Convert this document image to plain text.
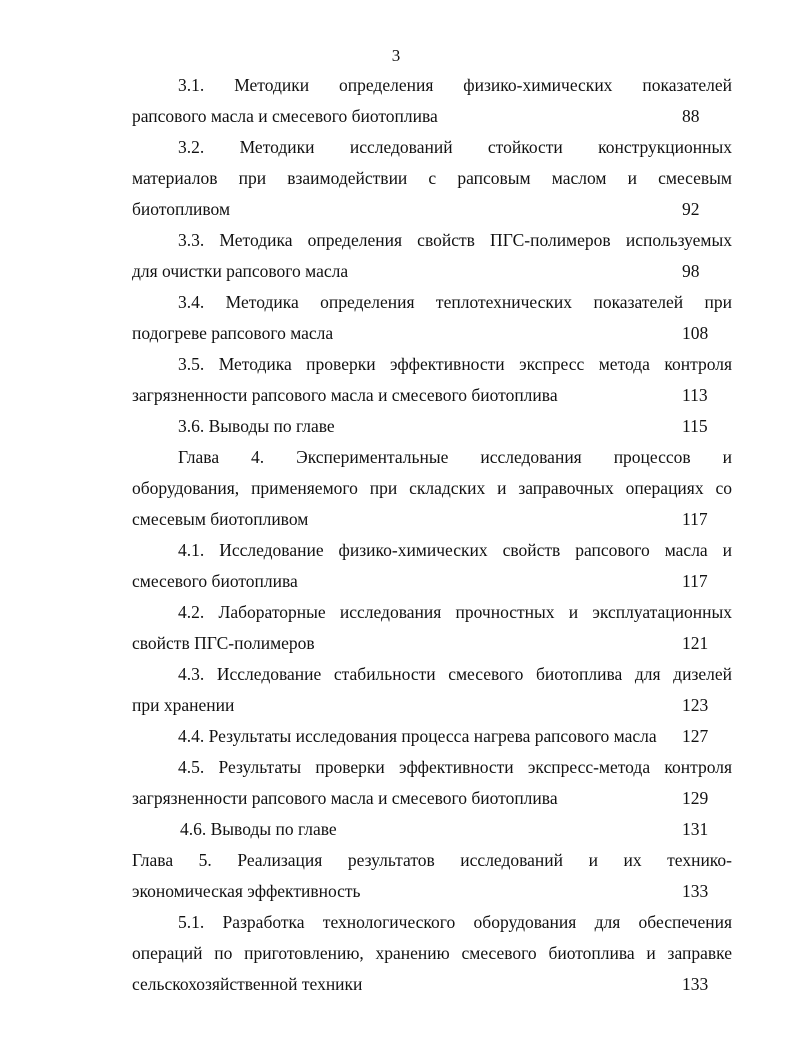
3
3.1. Методики определения физико-химических показателей
рапсового масла и смесевого биотоплива	88
3.2. Методики исследований стойкости конструкционных
материалов при взаимодействии с рапсовым маслом и смесевым
биотопливом	92
3.3. Методика определения свойств ПГС-полимеров используемых
для очистки рапсового масла	98
3.4. Методика определения теплотехнических показателей при
подогреве рапсового масла	108
3.5. Методика проверки эффективности экспресс метода контроля
загрязненности рапсового масла и смесевого биотоплива	113
3.6. Выводы по главе	115
Глава 4. Экспериментальные исследования процессов и
оборудования, применяемого при складских и заправочных операциях со
смесевым биотопливом	117
4.1. Исследование физико-химических свойств рапсового масла и
смесевого биотоплива	117
4.2. Лабораторные исследования прочностных и эксплуатационных
свойств ПГС-полимеров	121
4.3. Исследование стабильности смесевого биотоплива для дизелей
при хранении	123
4.4. Результаты исследования процесса нагрева рапсового масла 127
4.5. Результаты проверки эффективности экспресс-метода контроля
загрязненности рапсового масла и смесевого биотоплива	129
4.6. Выводы по главе	131
Глава 5. Реализация результатов исследований и их технико-
экономическая эффективность	133
5.1. Разработка технологического оборудования для обеспечения
операций по приготовлению, хранению смесевого биотоплива и заправке
сельскохозяйственной техники	133
